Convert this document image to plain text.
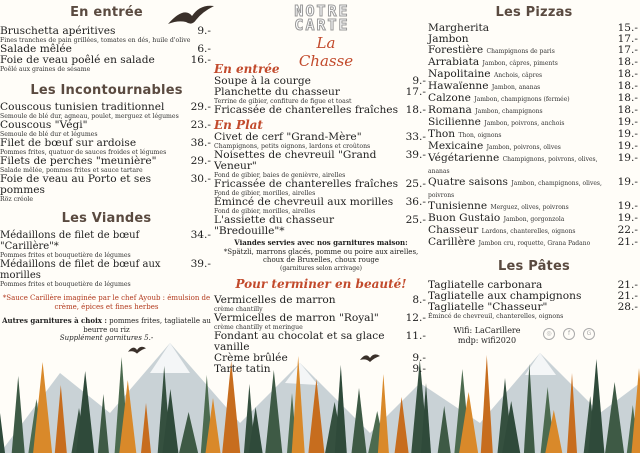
En entrée
Bruschetta apéritives	9.-
Fines tranches de pain grillées, tomates en dés, huile d'olive
Salade mêlée	6.-
Foie de veau poêlé en salade	16.-
Poêlé aux graines de sésame
Les Incontournables
Couscous tunisien traditionnel 29.-
Semoule de blé dur, agneau, poulet, merguez et légumes
Couscous "Végi"	23.-
Semoule de blé dur et légumes
Filet de bœuf sur ardoise	38.-
Pommes frites, quatuor de sauces froides et légumes
Filets de perches "meunière"	29.-
Salade mêlée, pommes frites et sauce tartare
Foie de veau au Porto et ses pommes
30.-
Röz créole
Les Viandes
Médaillons de filet de bœuf "Carillère"*
34.-
Pommes frites et bouquetière de légumes
Médaillons de filet de bœuf aux morilles
39.-
Pommes frites et bouquetière de légumes
*Sauce Carillère imaginée par le chef Ayoub : émulsion de crème, épices et fines herbes
Autres garnitures à choix : pommes frites, tagliatelle au beurre ou riz
Supplément garnitures 5.-
NOTRE
CARTE
La Chasse
En entrée
Soupe à la courge	9.-
Planchette du chasseur	17.-
Terrine de gibier, confiture de figue et toast
Fricassée de chanterelles fraîches 18.-
En Plat
Civet de cerf "Grand-Mère"	33.-
Champignons, petits oignons, lardons et croûtons
Noisettes de chevreuil "Grand Veneur"
39.-
Fond de gibier, baies de genièvre, airelles
Fricassée de chanterelles fraîches 25.-
Fond de gibier, morilles, airelles
Émincé de chevreuil aux morilles 36.-
Fond de gibier, morilles, airelles
L'assiette du chasseur "Bredouille"*
25.-
Viandes servies avec nos garnitures maison:
*Spätzli, marrons glacés, pomme ou poire aux airelles, choux de Bruxelles, choux rouge
(garnitures selon arrivage)
Pour terminer en beauté!
Vermicelles de marron	8.-
crème chantilly
Vermicelles de marron "Royal"	12.-
crème chantilly et meringue
Fondant au chocolat et sa glace vanille
11.-
Crème brûlée	9.-
Tarte tatin	9.-
Les Pizzas
Margherita	15.-
Jambon	17.-
Forestière Champignons de paris	17.-
Arrabiata Jambon, câpres, piments	18.-
Napolitaine Anchois, câpres	18.-
Hawaïenne Jambon, ananas	18.-
Calzone Jambon, champignons (fermée)	18.-
Romana Jambon, champignons	18.-
Sicilienne Jambon, poivrons, anchois	19.-
Thon Thon, oignons	19.-
Mexicaine Jambon, poivrons, olives	19.-
Végétarienne Champignons, poivrons, olives, ananas
19.-
Quatre saisons Jambon, champignons, olives, poivrons
19.-
Tunisienne Merguez, olives, poivrons	19.-
Buon Gustaio Jambon, gorgonzola	19.-
Chasseur Lardons, chanterelles, oignons	22.-
Carillère Jambon cru, roquette, Grana Padano	21.-
Les Pâtes
Tagliatelle carbonara	21.-
Tagliatelle aux champignons	21.-
Tagliatelle "Chasseur"	28.-
Émincé de chevreuil, chanterelles, oignons
Wifi: LaCarillere
mdp: wifi2020
◎	f	G
